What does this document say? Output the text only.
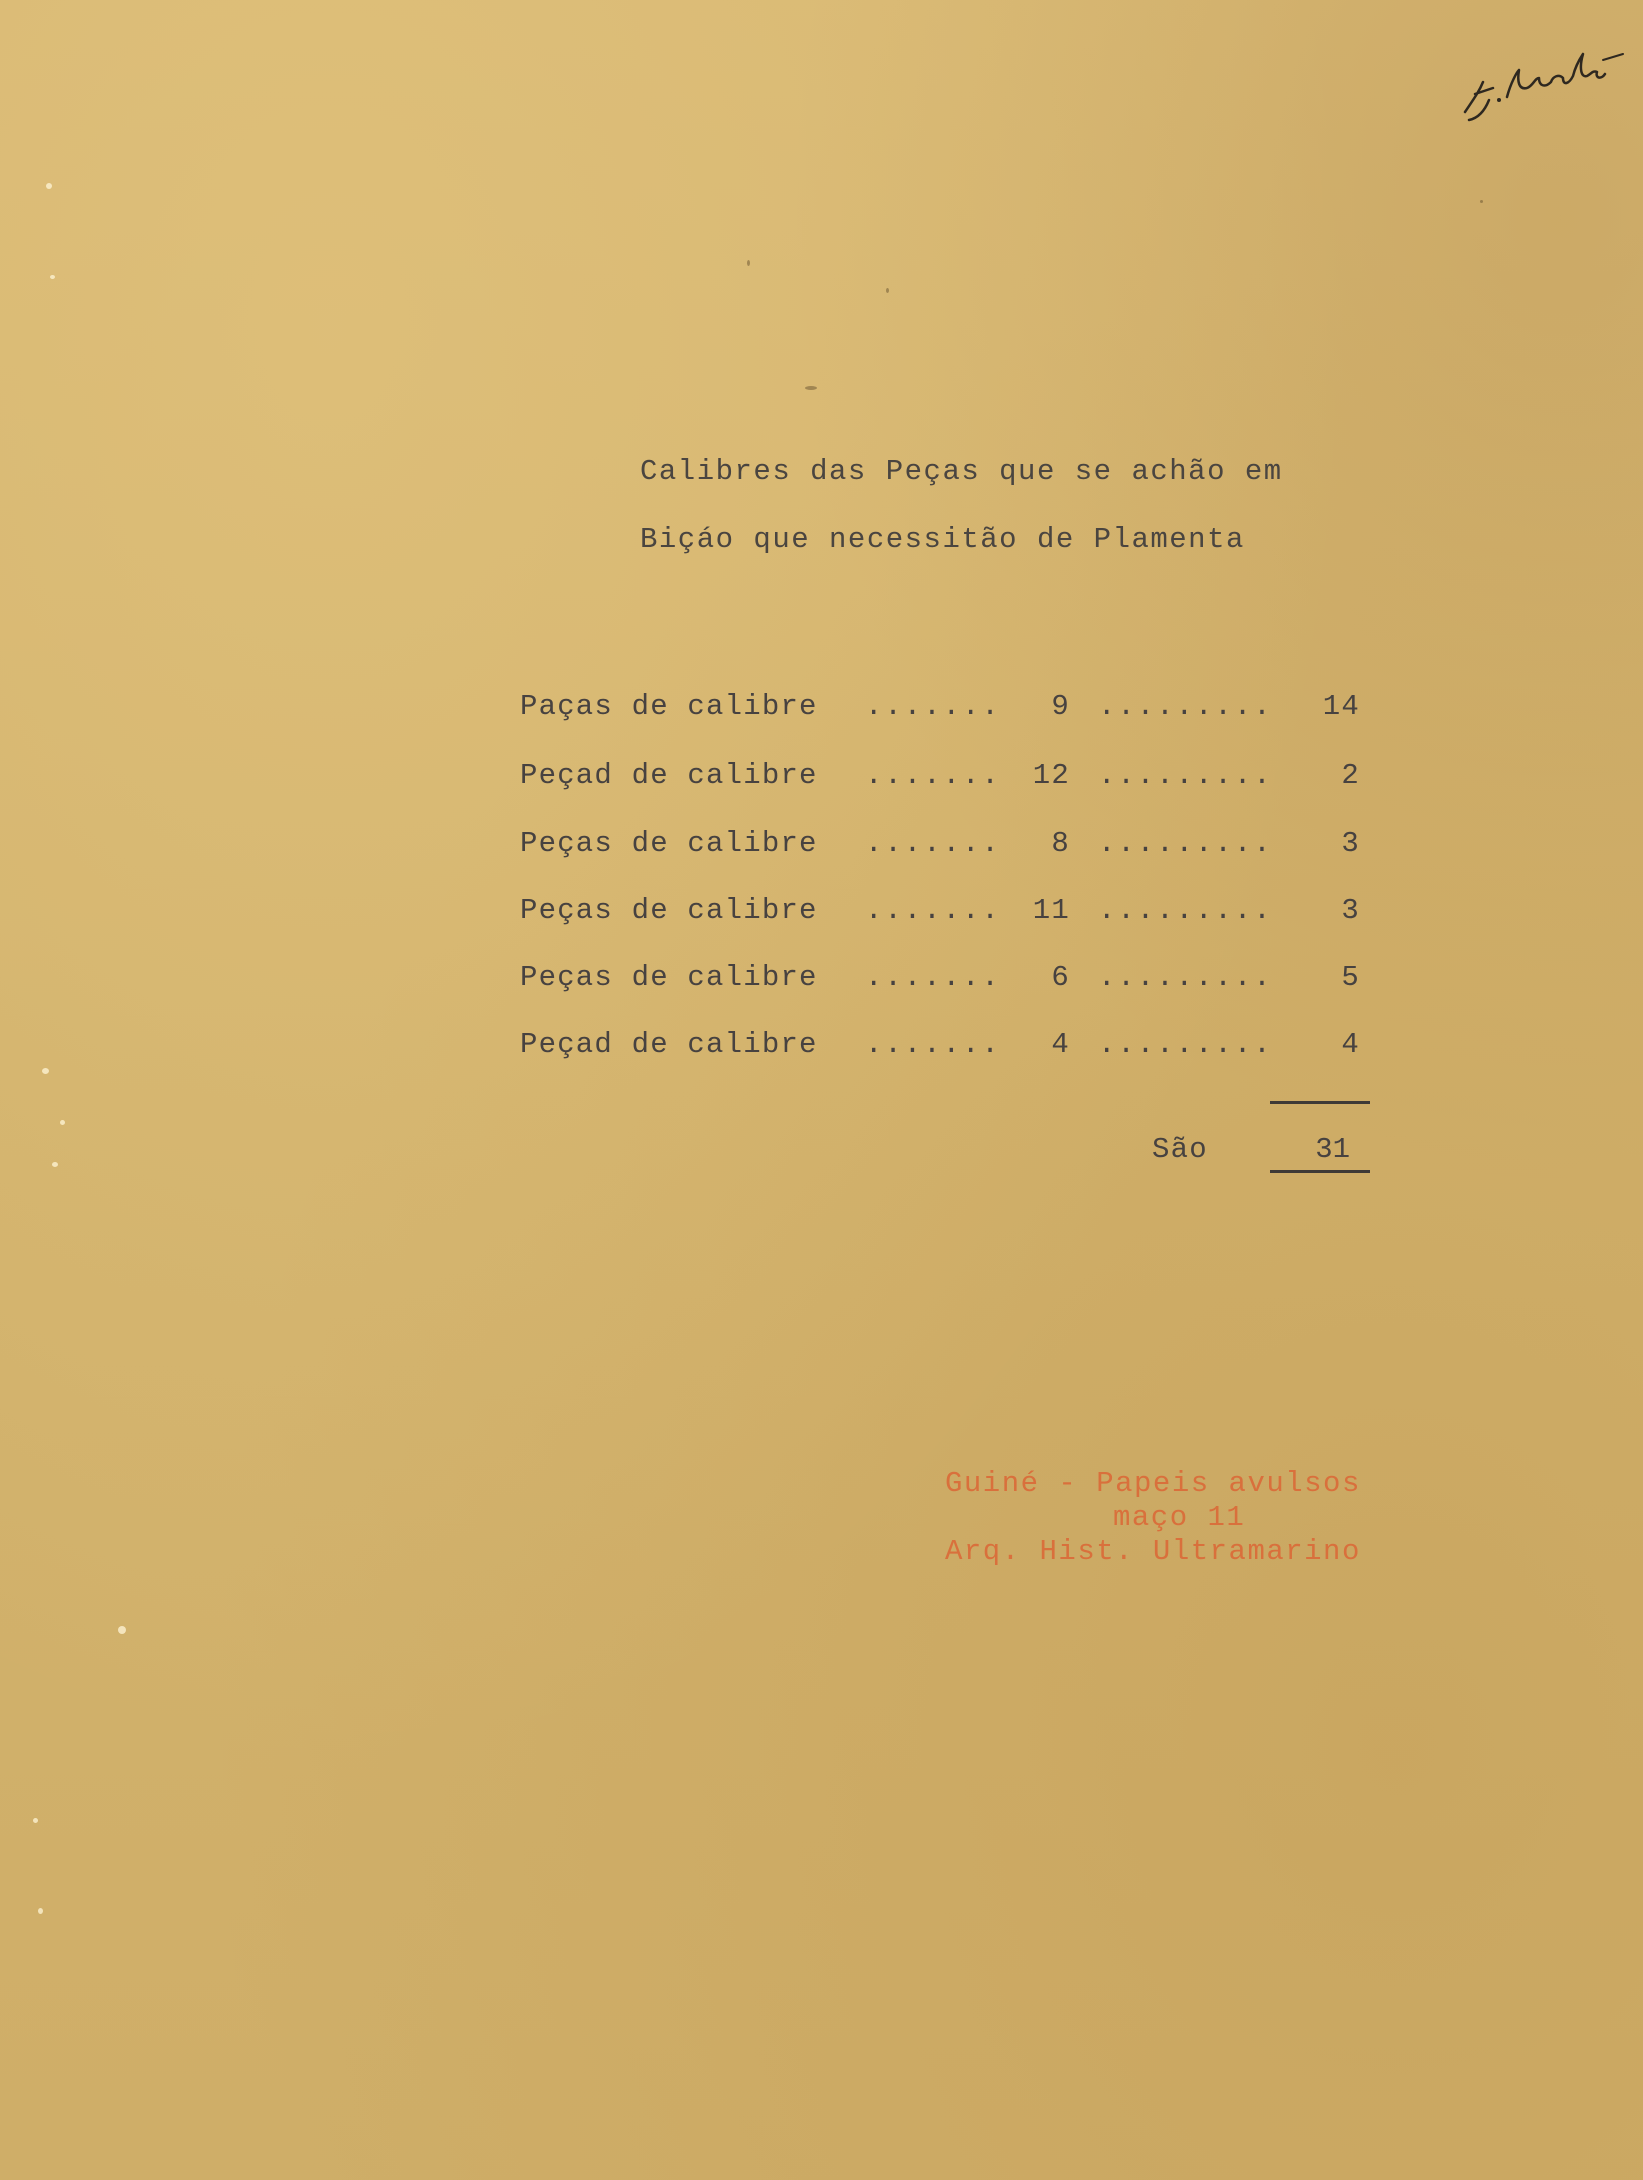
Calibres das Peças que se achão em
Biçáo que necessitão de Plamenta
Paças de calibre .......	9 .........	14
Peçad de calibre .......	12 .........	2
Peças de calibre .......	8 .........	3
Peças de calibre .......	11 .........	3
Peças de calibre .......	6 .........	5
Peçad de calibre .......	4 .........	4
São	31
Guiné - Papeis avulsos
maço 11
Arq. Hist. Ultramarino
